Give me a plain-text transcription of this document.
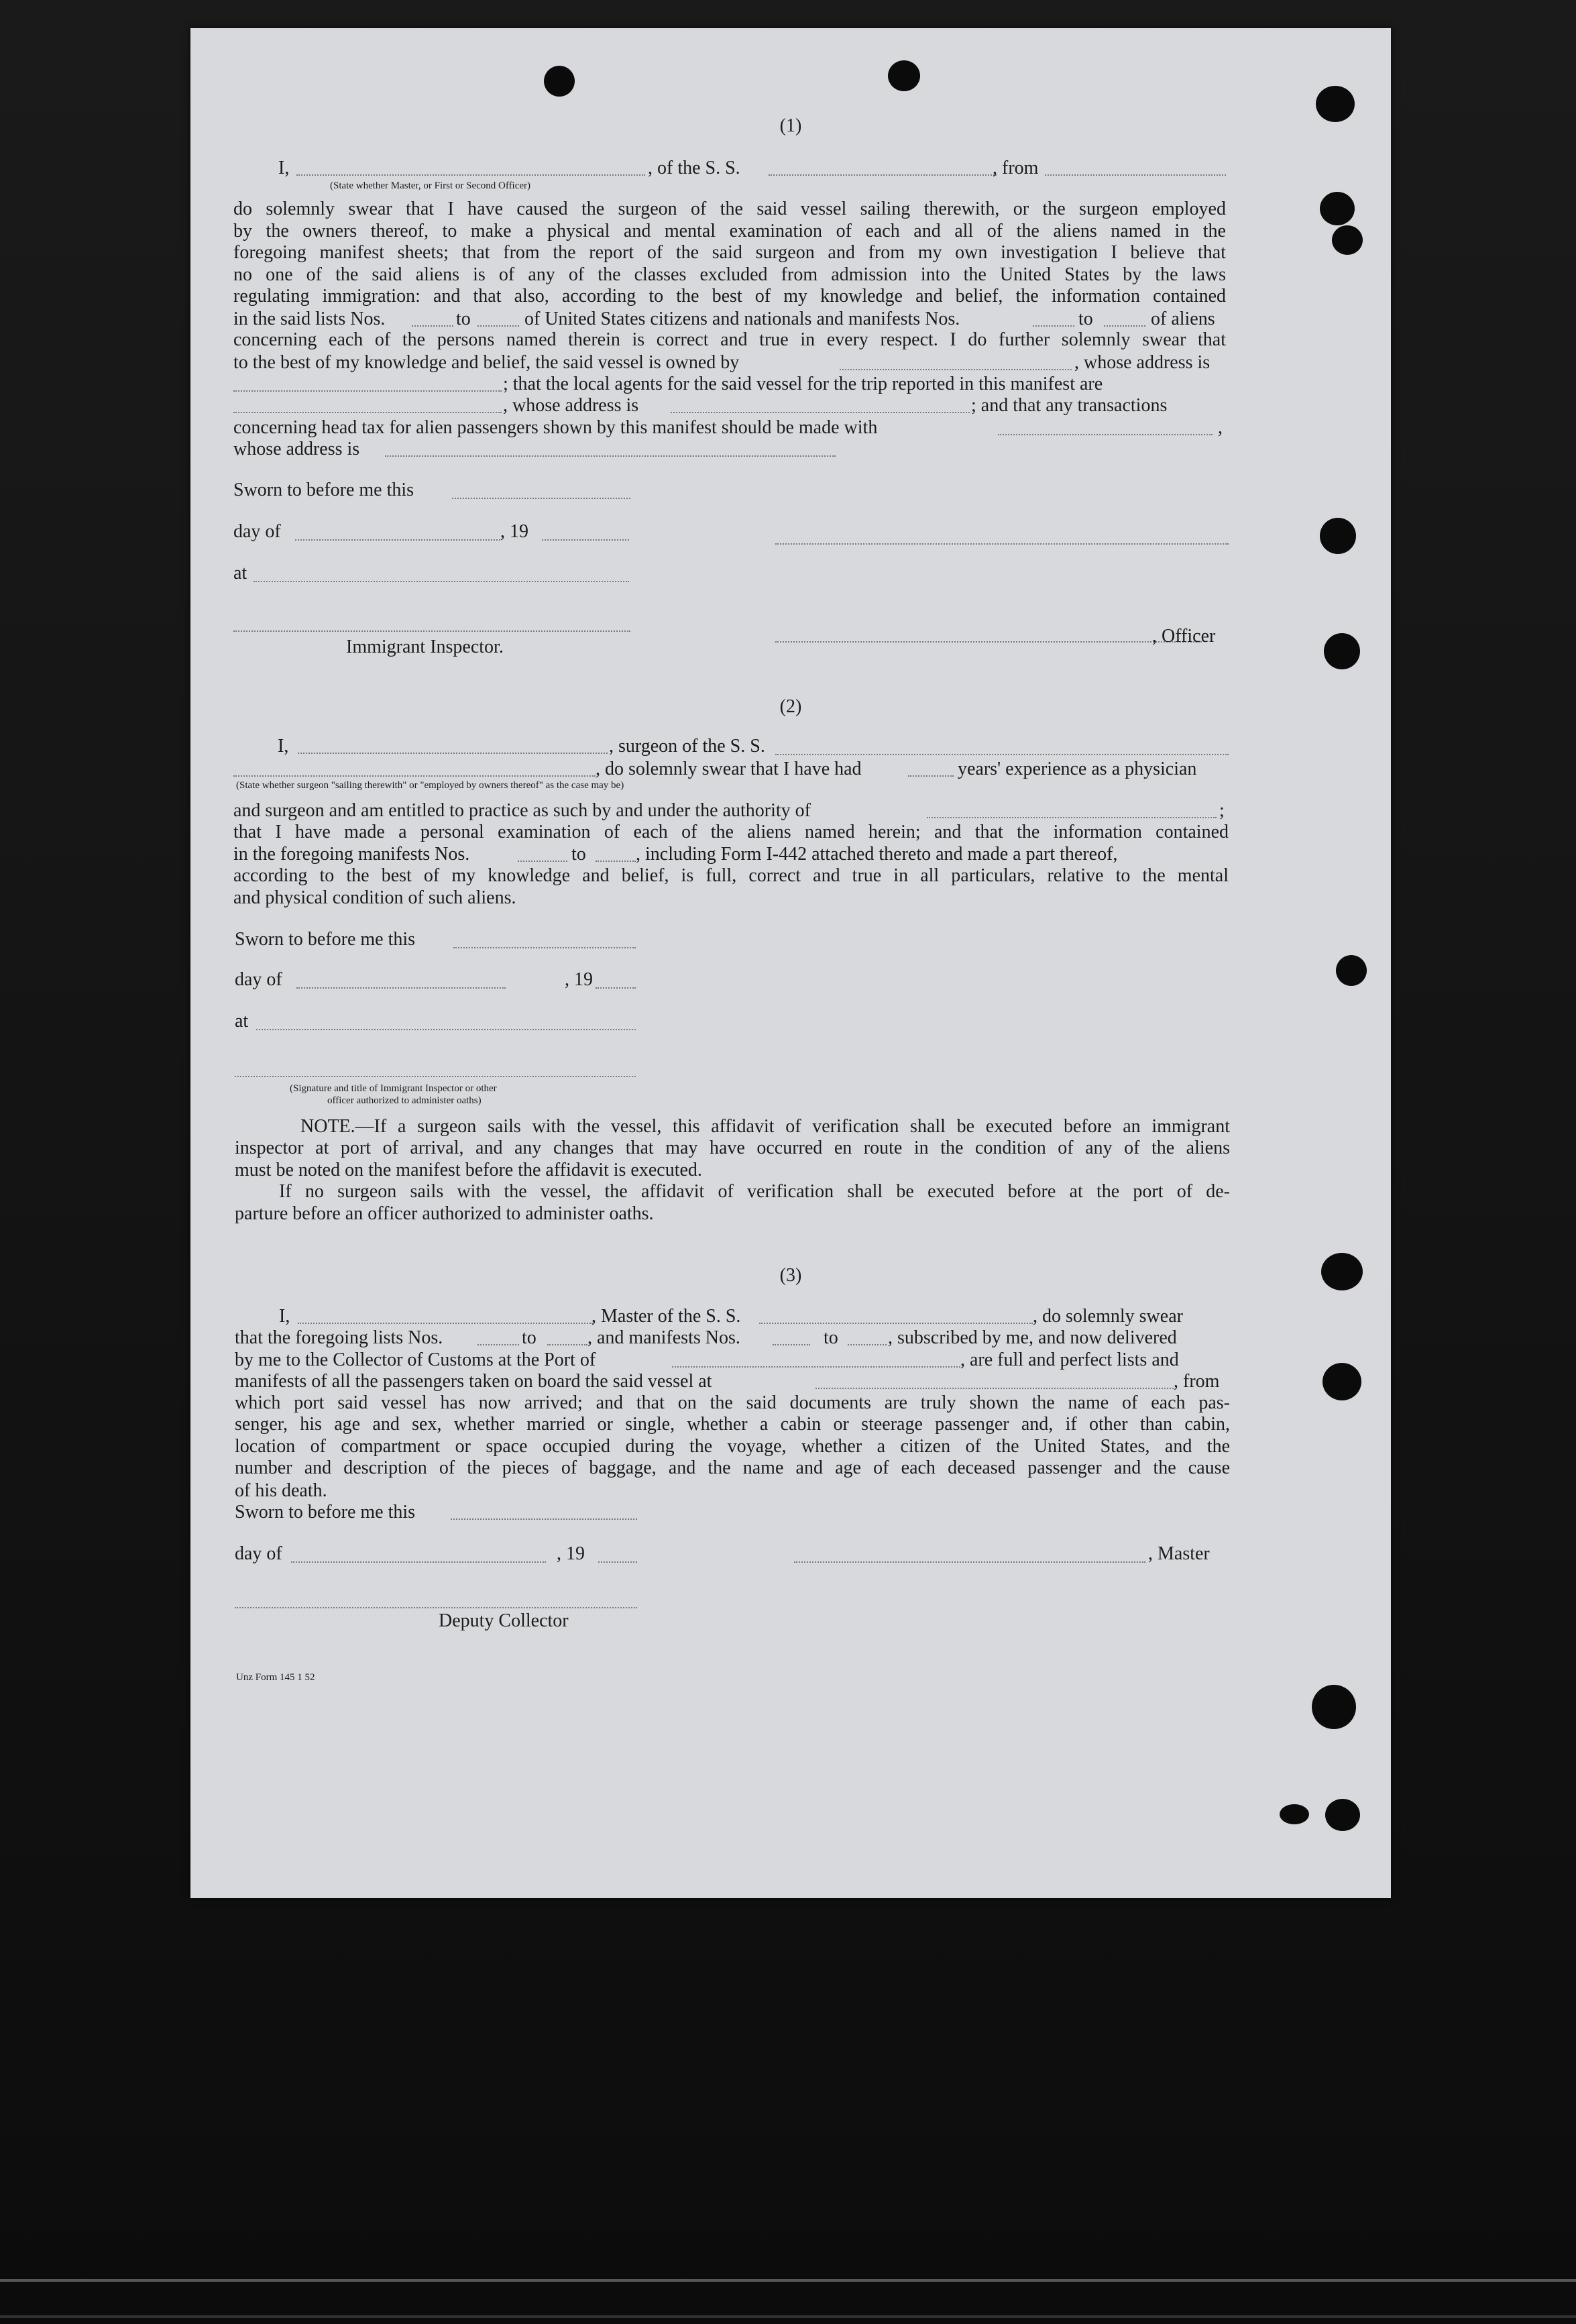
(1)
I,	, of the S. S.	, from
(State whether Master, or First or Second Officer)
do solemnly swear that I have caused the surgeon of the said vessel sailing therewith, or the surgeon employed
by the owners thereof, to make a physical and mental examination of each and all of the aliens named in the
foregoing manifest sheets; that from the report of the said surgeon and from my own investigation I believe that
no one of the said aliens is of any of the classes excluded from admission into the United States by the laws
regulating immigration: and that also, according to the best of my knowledge and belief, the information contained
in the said lists Nos.	to	of United States citizens and nationals and manifests Nos.	to	of aliens
concerning each of the persons named therein is correct and true in every respect. I do further solemnly swear that
to the best of my knowledge and belief, the said vessel is owned by	, whose address is
; that the local agents for the said vessel for the trip reported in this manifest are
, whose address is	; and that any transactions
concerning head tax for alien passengers shown by this manifest should be made with	,
whose address is
Sworn to before me this
day of	, 19
at
Immigrant Inspector.
, Officer
(2)
I,	, surgeon of the S. S.
, do solemnly swear that I have had	years' experience as a physician
(State whether surgeon "sailing therewith" or "employed by owners thereof" as the case may be)
and surgeon and am entitled to practice as such by and under the authority of	;
that I have made a personal examination of each of the aliens named herein; and that the information contained
in the foregoing manifests Nos.	to	, including Form I-442 attached thereto and made a part thereof,
according to the best of my knowledge and belief, is full, correct and true in all particulars, relative to the mental
and physical condition of such aliens.
Sworn to before me this
day of	, 19
at
(Signature and title of Immigrant Inspector or other
officer authorized to administer oaths)
NOTE.—If a surgeon sails with the vessel, this affidavit of verification shall be executed before an immigrant
inspector at port of arrival, and any changes that may have occurred en route in the condition of any of the aliens
must be noted on the manifest before the affidavit is executed.
If no surgeon sails with the vessel, the affidavit of verification shall be executed before at the port of de-
parture before an officer authorized to administer oaths.
(3)
I,	, Master of the S. S.	, do solemnly swear
that the foregoing lists Nos.	to	, and manifests Nos.	to	, subscribed by me, and now delivered
by me to the Collector of Customs at the Port of	, are full and perfect lists and
manifests of all the passengers taken on board the said vessel at	, from
which port said vessel has now arrived; and that on the said documents are truly shown the name of each pas-
senger, his age and sex, whether married or single, whether a cabin or steerage passenger and, if other than cabin,
location of compartment or space occupied during the voyage, whether a citizen of the United States, and the
number and description of the pieces of baggage, and the name and age of each deceased passenger and the cause
of his death.
Sworn to before me this
day of	, 19	, Master
Deputy Collector
Unz Form 145 1 52
